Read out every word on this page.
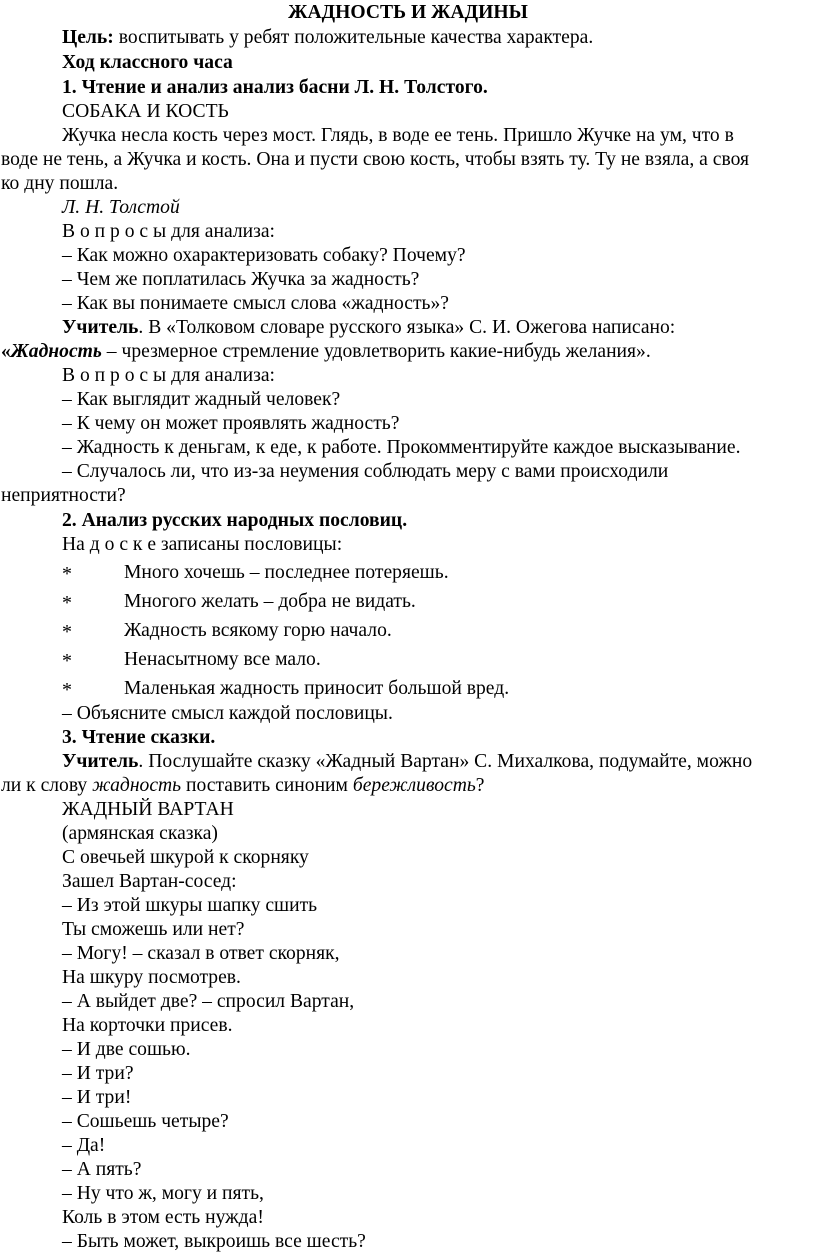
ЖАДНОСТЬ И ЖАДИНЫ
Цель: воспитывать у ребят положительные качества характера.
Ход классного часа
1. Чтение и анализ анализ басни Л. Н. Толстого.
СОБАКА И КОСТЬ
Жучка несла кость через мост. Глядь, в воде ее тень. Пришло Жучке на ум, что в
воде не тень, а Жучка и кость. Она и пусти свою кость, чтобы взять ту. Ту не взяла, а своя
ко дну пошла.
Л. Н. Толстой
В о п р о с ы для анализа:
– Как можно охарактеризовать собаку? Почему?
– Чем же поплатилась Жучка за жадность?
– Как вы понимаете смысл слова «жадность»?
Учитель. В «Толковом словаре русского языка» С. И. Ожегова написано:
«Жадность – чрезмерное стремление удовлетворить какие-нибудь желания».
В о п р о с ы для анализа:
– Как выглядит жадный человек?
– К чему он может проявлять жадность?
– Жадность к деньгам, к еде, к работе. Прокомментируйте каждое высказывание.
– Случалось ли, что из-за неумения соблюдать меру с вами происходили
неприятности?
2. Анализ русских народных пословиц.
На д о с к е записаны пословицы:
*	Много хочешь – последнее потеряешь.
*	Многого желать – добра не видать.
*	Жадность всякому горю начало.
*	Ненасытному все мало.
*	Маленькая жадность приносит большой вред.
– Объясните смысл каждой пословицы.
3. Чтение сказки.
Учитель. Послушайте сказку «Жадный Вартан» С. Михалкова, подумайте, можно
ли к слову жадность поставить синоним бережливость?
ЖАДНЫЙ ВАРТАН
(армянская сказка)
С овечьей шкурой к скорняку
Зашел Вартан-сосед:
– Из этой шкуры шапку сшить
Ты сможешь или нет?
– Могу! – сказал в ответ скорняк,
На шкуру посмотрев.
– А выйдет две? – спросил Вартан,
На корточки присев.
– И две сошью.
– И три?
– И три!
– Сошьешь четыре?
– Да!
– А пять?
– Ну что ж, могу и пять,
Коль в этом есть нужда!
– Быть может, выкроишь все шесть?
